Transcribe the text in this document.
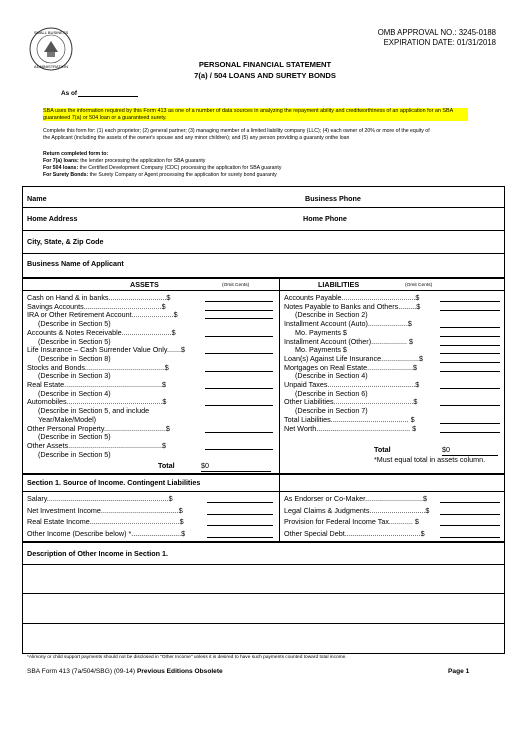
SMALL BUSINESS
ADMINISTRATION
OMB APPROVAL NO.: 3245-0188
EXPIRATION DATE: 01/31/2018
PERSONAL FINANCIAL STATEMENT
7(a) / 504 LOANS AND SURETY BONDS
As of
SBA uses the information required by this Form 413 as one of a number of data sources in analyzing the repayment ability and creditworthiness of an application for an SBA guaranteed 7(a) or 504 loan or a guaranteed surety.
Complete this form for: (1) each proprietor; (2) general partner; (3) managing member of a limited liability company (LLC); (4) each owner of 20% or more of the equity of
the Applicant (including the assets of the owner's spouse and any minor children); and (5) any person providing a guaranty onthe loan
Return completed form to:
For 7(a) loans: the lender processing the application for SBA guaranty
For 504 loans: the Certified Development Company (CDC) processing the application for SBA guaranty
For Surety Bonds: the Surety Company or Agent processing the application for surety bond guaranty
Name	Business Phone
Home Address	Home Phone
City, State, & Zip Code
Business Name of Applicant
ASSETS	(Omit Cents)	LIABILITIES	(Omit Cents)
Cash on Hand & in banks.............................$
Savings Accounts.......................................$
IRA or Other Retirement Account.....................$
(Describe in Section 5)
Accounts & Notes Receivable.........................$
(Describe in Section 5)
Life Insurance – Cash Surrender Value Only.......$
(Describe in Section 8)
Stocks and Bonds........................................$
(Describe in Section 3)
Real Estate.................................................$
(Describe in Section 4)
Automobiles................................................$
(Describe in Section 5, and include
Year/Make/Model)
Other Personal Property...............................$
(Describe in Section 5)
Other Assets...............................................$
(Describe in Section 5)
Total	$0
Accounts Payable.....................................$
Notes Payable to Banks and Others.........$
(Describe in Section 2)
Installment Account (Auto)....................$
Mo. Payments $
Installment Account (Other).................. $
Mo. Payments $
Loan(s) Against Life Insurance...................$
Mortgages on Real Estate.......................$
(Describe in Section 4)
Unpaid Taxes............................................$
(Describe in Section 6)
Other Liabilities........................................$
(Describe in Section 7)
Total Liabilities....................................... $
Net Worth............................................... $
Total	$0
*Must equal total in assets column.
Section 1. Source of Income. Contingent Liabilities
Salary.............................................................$
Net Investment Income.......................................$
Real Estate Income.............................................$
Other Income (Describe below) *.........................$
As Endorser or Co-Maker.............................$
Legal Claims & Judgments............................$
Provision for Federal Income Tax............ $
Other Special Debt......................................$
Description of Other Income in Section 1.
*Alimony or child support payments should not be disclosed in "Other Income" unless it is desired to have such payments counted toward total income.
SBA Form 413 (7a/504/SBG) (09-14) Previous Editions Obsolete	Page 1
